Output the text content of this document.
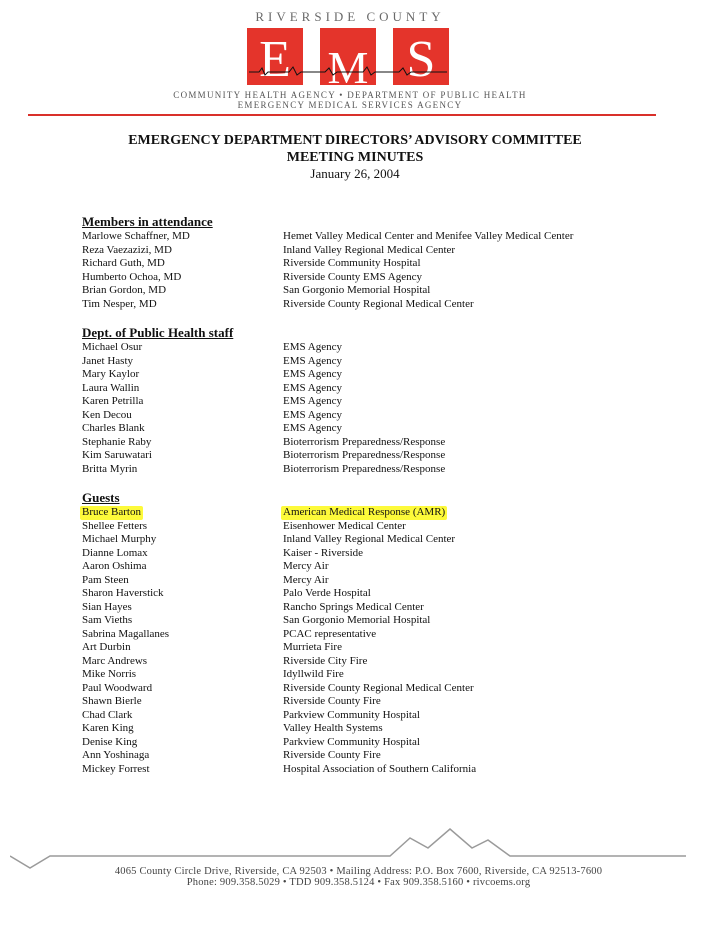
RIVERSIDE COUNTY
E M S
COMMUNITY HEALTH AGENCY • DEPARTMENT OF PUBLIC HEALTH
EMERGENCY MEDICAL SERVICES AGENCY
EMERGENCY DEPARTMENT DIRECTORS’ ADVISORY COMMITTEE
MEETING MINUTES
January 26, 2004
Members in attendance
Marlowe Schaffner, MD	Hemet Valley Medical Center and Menifee Valley Medical Center
Reza Vaezazizi, MD	Inland Valley Regional Medical Center
Richard Guth, MD	Riverside Community Hospital
Humberto Ochoa, MD	Riverside County EMS Agency
Brian Gordon, MD	San Gorgonio Memorial Hospital
Tim Nesper, MD	Riverside County Regional Medical Center
Dept. of Public Health staff
Michael Osur	EMS Agency
Janet Hasty	EMS Agency
Mary Kaylor	EMS Agency
Laura Wallin	EMS Agency
Karen Petrilla	EMS Agency
Ken Decou	EMS Agency
Charles Blank	EMS Agency
Stephanie Raby	Bioterrorism Preparedness/Response
Kim Saruwatari	Bioterrorism Preparedness/Response
Britta Myrin	Bioterrorism Preparedness/Response
Guests
Bruce Barton	American Medical Response (AMR)
Shellee Fetters	Eisenhower Medical Center
Michael Murphy	Inland Valley Regional Medical Center
Dianne Lomax	Kaiser - Riverside
Aaron Oshima	Mercy Air
Pam Steen	Mercy Air
Sharon Haverstick	Palo Verde Hospital
Sian Hayes	Rancho Springs Medical Center
Sam Vieths	San Gorgonio Memorial Hospital
Sabrina Magallanes	PCAC representative
Art Durbin	Murrieta Fire
Marc Andrews	Riverside City Fire
Mike Norris	Idyllwild Fire
Paul Woodward	Riverside County Regional Medical Center
Shawn Bierle	Riverside County Fire
Chad Clark	Parkview Community Hospital
Karen King	Valley Health Systems
Denise King	Parkview Community Hospital
Ann Yoshinaga	Riverside County Fire
Mickey Forrest	Hospital Association of Southern California
4065 County Circle Drive, Riverside, CA 92503 • Mailing Address: P.O. Box 7600, Riverside, CA 92513-7600
Phone: 909.358.5029 • TDD 909.358.5124 • Fax 909.358.5160 • rivcoems.org
